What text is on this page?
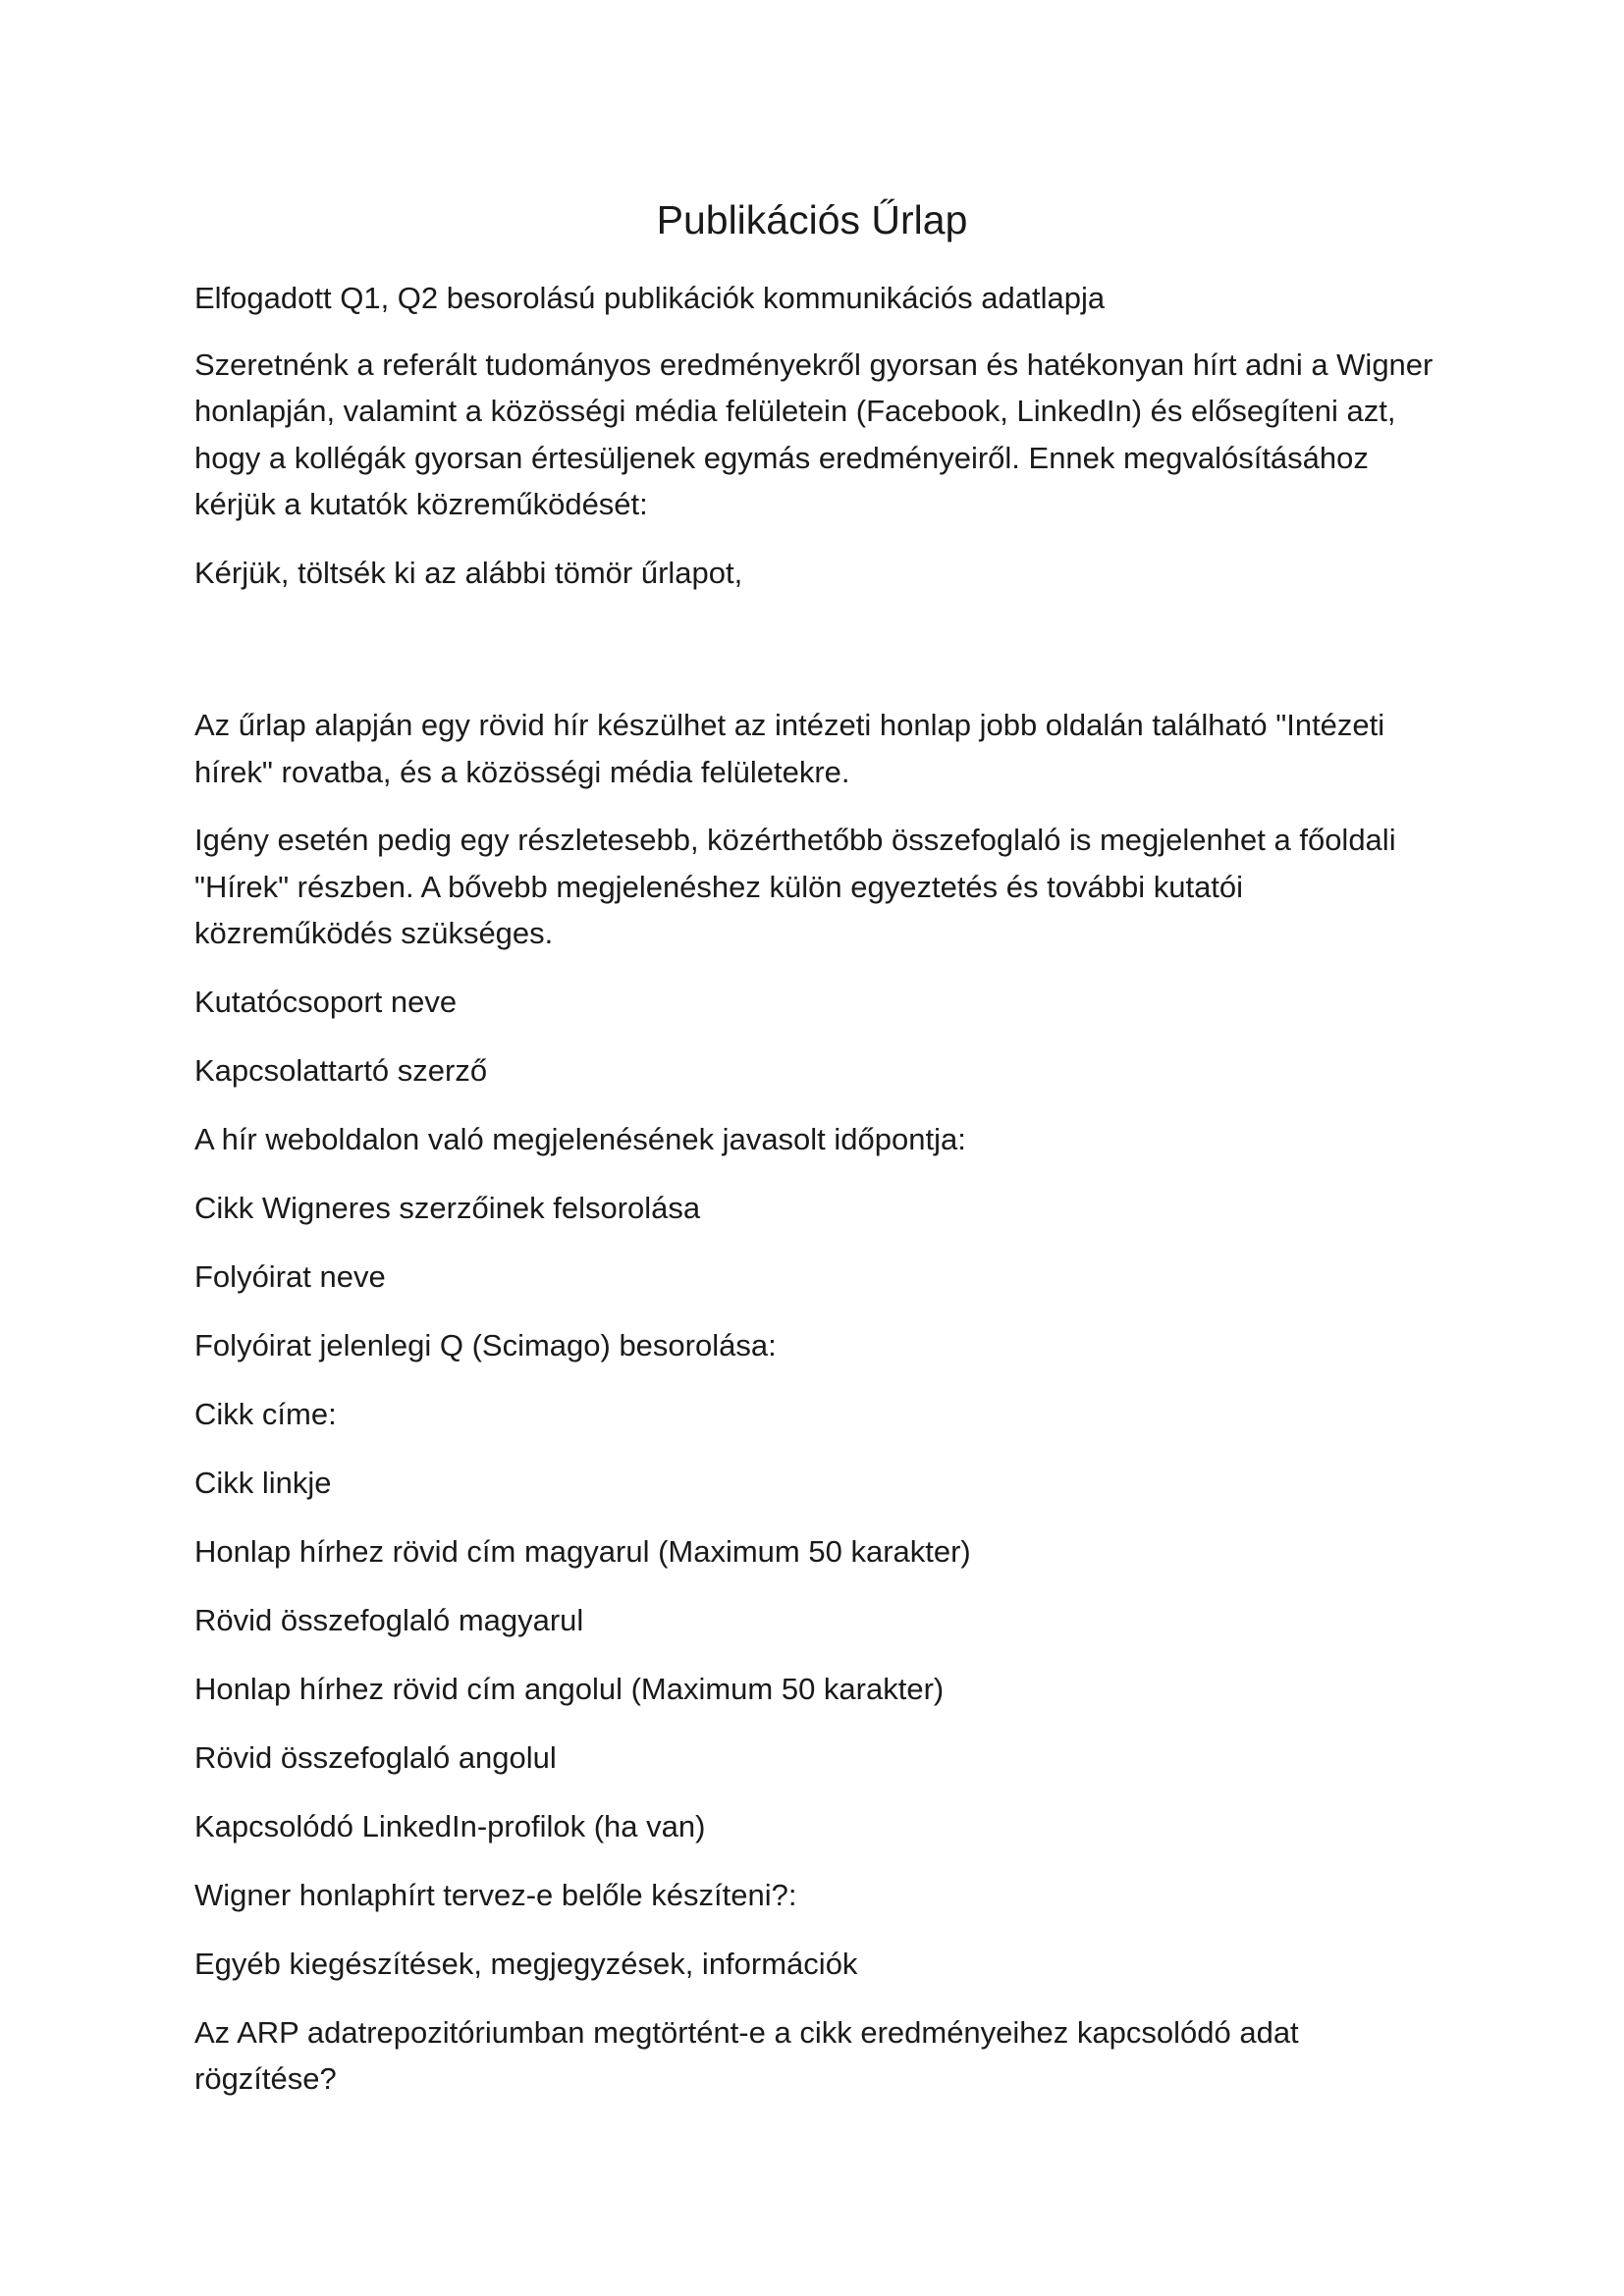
Publikációs Űrlap

Elfogadott Q1, Q2 besorolású publikációk kommunikációs adatlapja

Szeretnénk a referált tudományos eredményekről gyorsan és hatékonyan hírt adni a Wigner honlapján, valamint a közösségi média felületein (Facebook, LinkedIn) és elősegíteni azt, hogy a kollégák gyorsan értesüljenek egymás eredményeiről. Ennek megvalósításához kérjük a kutatók közreműködését:

Kérjük, töltsék ki az alábbi tömör űrlapot,

Az űrlap alapján egy rövid hír készülhet az intézeti honlap jobb oldalán található "Intézeti hírek" rovatba, és a közösségi média felületekre.

Igény esetén pedig egy részletesebb, közérthetőbb összefoglaló is megjelenhet a főoldali "Hírek" részben. A bővebb megjelenéshez külön egyeztetés és további kutatói közreműködés szükséges.

Kutatócsoport neve
Kapcsolattartó szerző
A hír weboldalon való megjelenésének javasolt időpontja:
Cikk Wigneres szerzőinek felsorolása
Folyóirat neve
Folyóirat jelenlegi Q (Scimago) besorolása:
Cikk címe:
Cikk linkje
Honlap hírhez rövid cím magyarul (Maximum 50 karakter)
Rövid összefoglaló magyarul
Honlap hírhez rövid cím angolul (Maximum 50 karakter)
Rövid összefoglaló angolul
Kapcsolódó LinkedIn-profilok (ha van)
Wigner honlaphírt tervez-e belőle készíteni?:
Egyéb kiegészítések, megjegyzések, információk
Az ARP adatrepozitóriumban megtörtént-e a cikk eredményeihez kapcsolódó adat rögzítése?
